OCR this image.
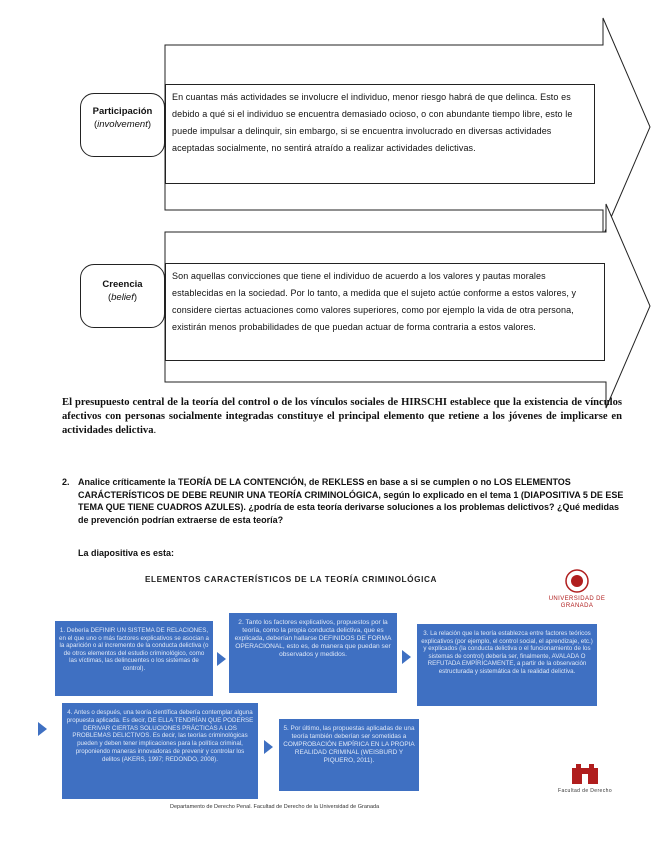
Participación
(involvement)
En cuantas más actividades se involucre el individuo, menor riesgo habrá de que delinca. Esto es debido a qué si el individuo se encuentra demasiado ocioso, o con abundante tiempo libre, esto le puede impulsar a delinquir, sin embargo, si se encuentra involucrado en diversas actividades aceptadas socialmente, no sentirá atraído a realizar actividades delictivas.
Creencia
(belief)
Son aquellas convicciones que tiene el individuo de acuerdo a los valores y pautas morales establecidas en la sociedad. Por lo tanto, a medida que el sujeto actúe conforme a estos valores, y considere ciertas actuaciones como valores superiores, como por ejemplo la vida de otra persona, existirán menos probabilidades de que puedan actuar de forma contraria a estos valores.
El presupuesto central de la teoría del control o de los vínculos sociales de HIRSCHI establece que la existencia de vínculos afectivos con personas socialmente integradas constituye el principal elemento que retiene a los jóvenes de implicarse en actividades delictiva.
2. Analice críticamente la TEORÍA DE LA CONTENCIÓN, de REKLESS en base a si se cumplen o no LOS ELEMENTOS CARÁCTERÍSTICOS DE DEBE REUNIR UNA TEORÍA CRIMINOLÓGICA, según lo explicado en el tema 1 (DIAPOSITIVA 5 DE ESE TEMA QUE TIENE CUADROS AZULES). ¿podría de esta teoría derivarse soluciones a los problemas delictivos? ¿Qué medidas de prevención podrían extraerse de esta teoría?
La diapositiva es esta:
ELEMENTOS CARACTERÍSTICOS DE LA TEORÍA CRIMINOLÓGICA
UNIVERSIDAD DE GRANADA
1. Debería DEFINIR UN SISTEMA DE RELACIONES, en el que uno o más factores explicativos se asocian a la aparición o al incremento de la conducta delictiva (o de otros elementos del estudio criminológico, como las víctimas, las delincuentes o los sistemas de control).
2. Tanto los factores explicativos, propuestos por la teoría, como la propia conducta delictiva, que es explicada, deberían hallarse DEFINIDOS DE FORMA OPERACIONAL, esto es, de manera que puedan ser observados y medidos.
3. La relación que la teoría establezca entre factores teóricos explicativos (por ejemplo, el control social, el aprendizaje, etc.) y explicados (la conducta delictiva o el funcionamiento de los sistemas de control) debería ser, finalmente, AVALADA O REFUTADA EMPÍRICAMENTE, a partir de la observación estructurada y sistemática de la realidad delictiva.
4. Antes o después, una teoría científica debería contemplar alguna propuesta aplicada. Es decir, DE ELLA TENDRÍAN QUE PODERSE DERIVAR CIERTAS SOLUCIONES PRÁCTICAS A LOS PROBLEMAS DELICTIVOS. Es decir, las teorías criminológicas pueden y deben tener implicaciones para la política criminal, proponiendo maneras innovadoras de prevenir y controlar los delitos (AKERS, 1997; REDONDO, 2008).
5. Por último, las propuestas aplicadas de una teoría también deberían ser sometidas a COMPROBACIÓN EMPÍRICA EN LA PROPIA REALIDAD CRIMINAL (WEISBURD Y PIQUERO, 2011).
Facultad de Derecho
Departamento de Derecho Penal. Facultad de Derecho de la Universidad de Granada
